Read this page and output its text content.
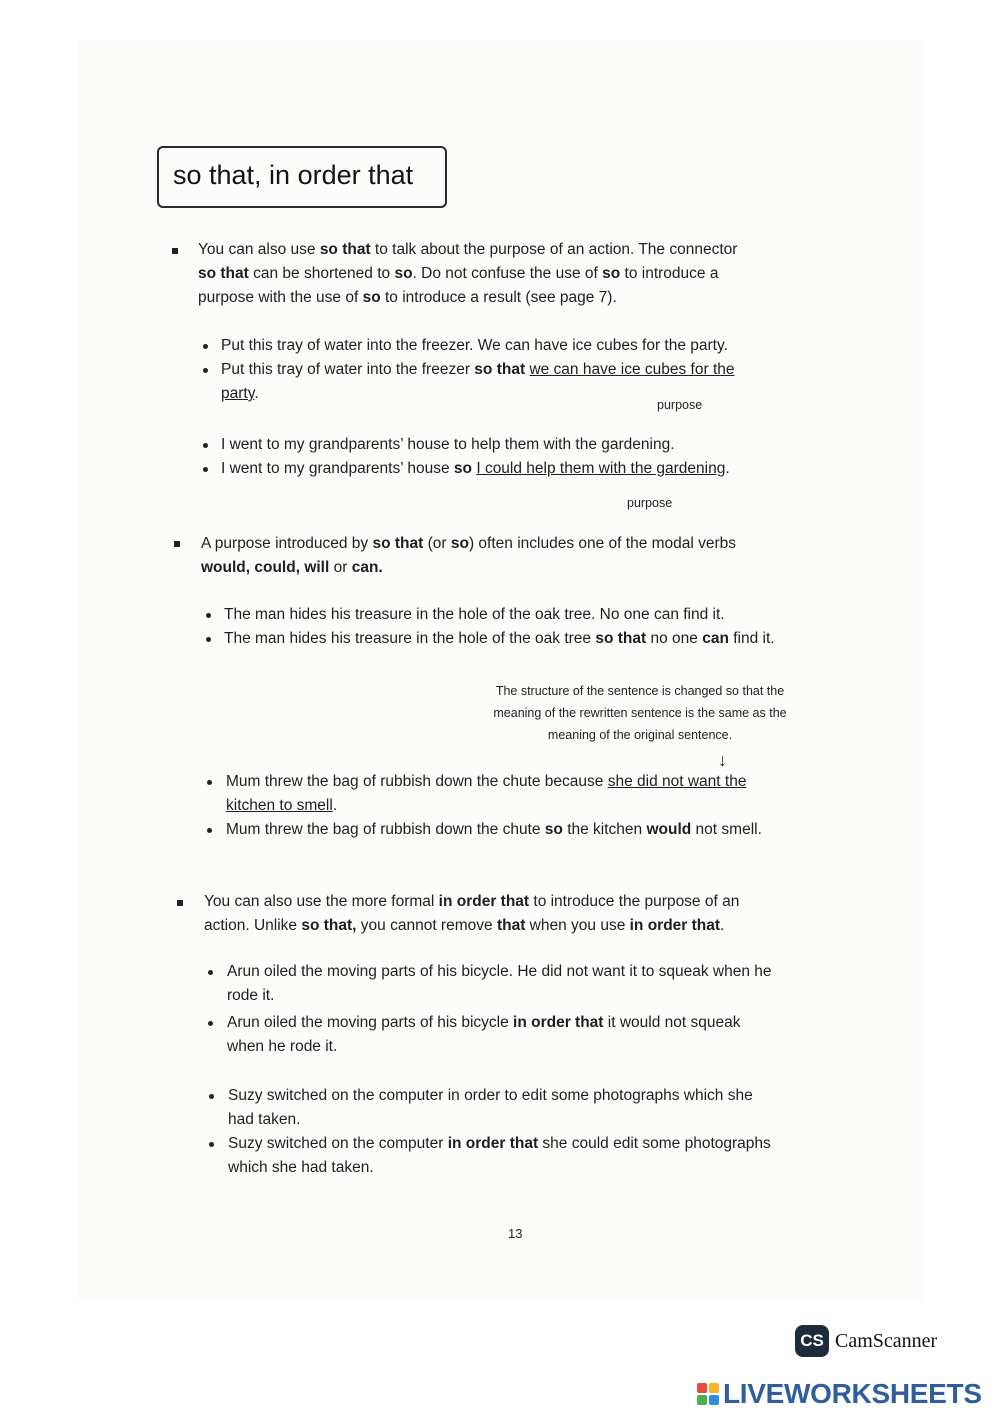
so that, in order that

You can also use so that to talk about the purpose of an action. The connector

so that can be shortened to so. Do not confuse the use of so to introduce a

purpose with the use of so to introduce a result (see page 7).

Put this tray of water into the freezer. We can have ice cubes for the party.
Put this tray of water into the freezer so that we can have ice cubes for the
party.
purpose
I went to my grandparents’ house to help them with the gardening.
I went to my grandparents’ house so I could help them with the gardening.
purpose

A purpose introduced by so that (or so) often includes one of the modal verbs

would, could, will or can.

The man hides his treasure in the hole of the oak tree. No one can find it.
The man hides his treasure in the hole of the oak tree so that no one can find it.

The structure of the sentence is changed so that the

meaning of the rewritten sentence is the same as the

meaning of the original sentence.

↓
Mum threw the bag of rubbish down the chute because she did not want the
kitchen to smell.
Mum threw the bag of rubbish down the chute so the kitchen would not smell.

You can also use the more formal in order that to introduce the purpose of an

action. Unlike so that, you cannot remove that when you use in order that.

Arun oiled the moving parts of his bicycle. He did not want it to squeak when he
rode it.
Arun oiled the moving parts of his bicycle in order that it would not squeak
when he rode it.
Suzy switched on the computer in order to edit some photographs which she
had taken.
Suzy switched on the computer in order that she could edit some photographs
which she had taken.
13
CS CamScanner
LIVEWORKSHEETS
